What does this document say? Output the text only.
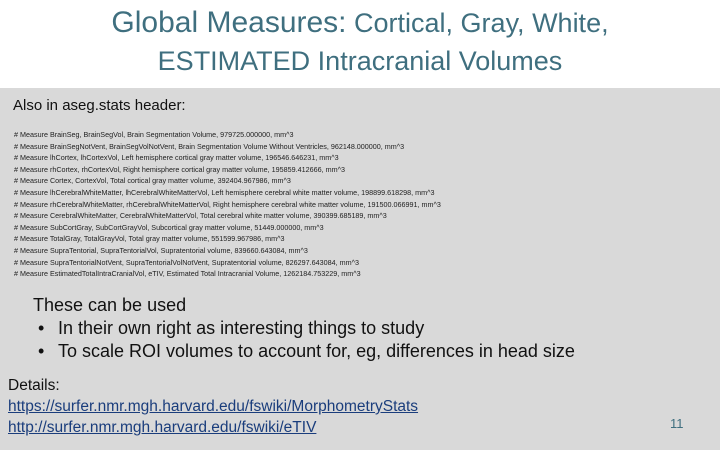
Global Measures: Cortical, Gray, White,
ESTIMATED Intracranial Volumes
Also in aseg.stats header:
# Measure BrainSeg, BrainSegVol, Brain Segmentation Volume, 979725.000000, mm^3
# Measure BrainSegNotVent, BrainSegVolNotVent, Brain Segmentation Volume Without Ventricles, 962148.000000, mm^3
# Measure lhCortex, lhCortexVol, Left hemisphere cortical gray matter volume, 196546.646231, mm^3
# Measure rhCortex, rhCortexVol, Right hemisphere cortical gray matter volume, 195859.412666, mm^3
# Measure Cortex, CortexVol, Total cortical gray matter volume, 392404.967986, mm^3
# Measure lhCerebralWhiteMatter, lhCerebralWhiteMatterVol, Left hemisphere cerebral white matter volume, 198899.618298, mm^3
# Measure rhCerebralWhiteMatter, rhCerebralWhiteMatterVol, Right hemisphere cerebral white matter volume, 191500.066991, mm^3
# Measure CerebralWhiteMatter, CerebralWhiteMatterVol, Total cerebral white matter volume, 390399.685189, mm^3
# Measure SubCortGray, SubCortGrayVol, Subcortical gray matter volume, 51449.000000, mm^3
# Measure TotalGray, TotalGrayVol, Total gray matter volume, 551599.967986, mm^3
# Measure SupraTentorial, SupraTentorialVol, Supratentorial volume, 839660.643084, mm^3
# Measure SupraTentorialNotVent, SupraTentorialVolNotVent, Supratentorial volume, 826297.643084, mm^3
# Measure EstimatedTotalIntraCranialVol, eTIV, Estimated Total Intracranial Volume, 1262184.753229, mm^3
These can be used
• In their own right as interesting things to study
• To scale ROI volumes to account for, eg, differences in head size
Details:
https://surfer.nmr.mgh.harvard.edu/fswiki/MorphometryStats
http://surfer.nmr.mgh.harvard.edu/fswiki/eTIV	11
